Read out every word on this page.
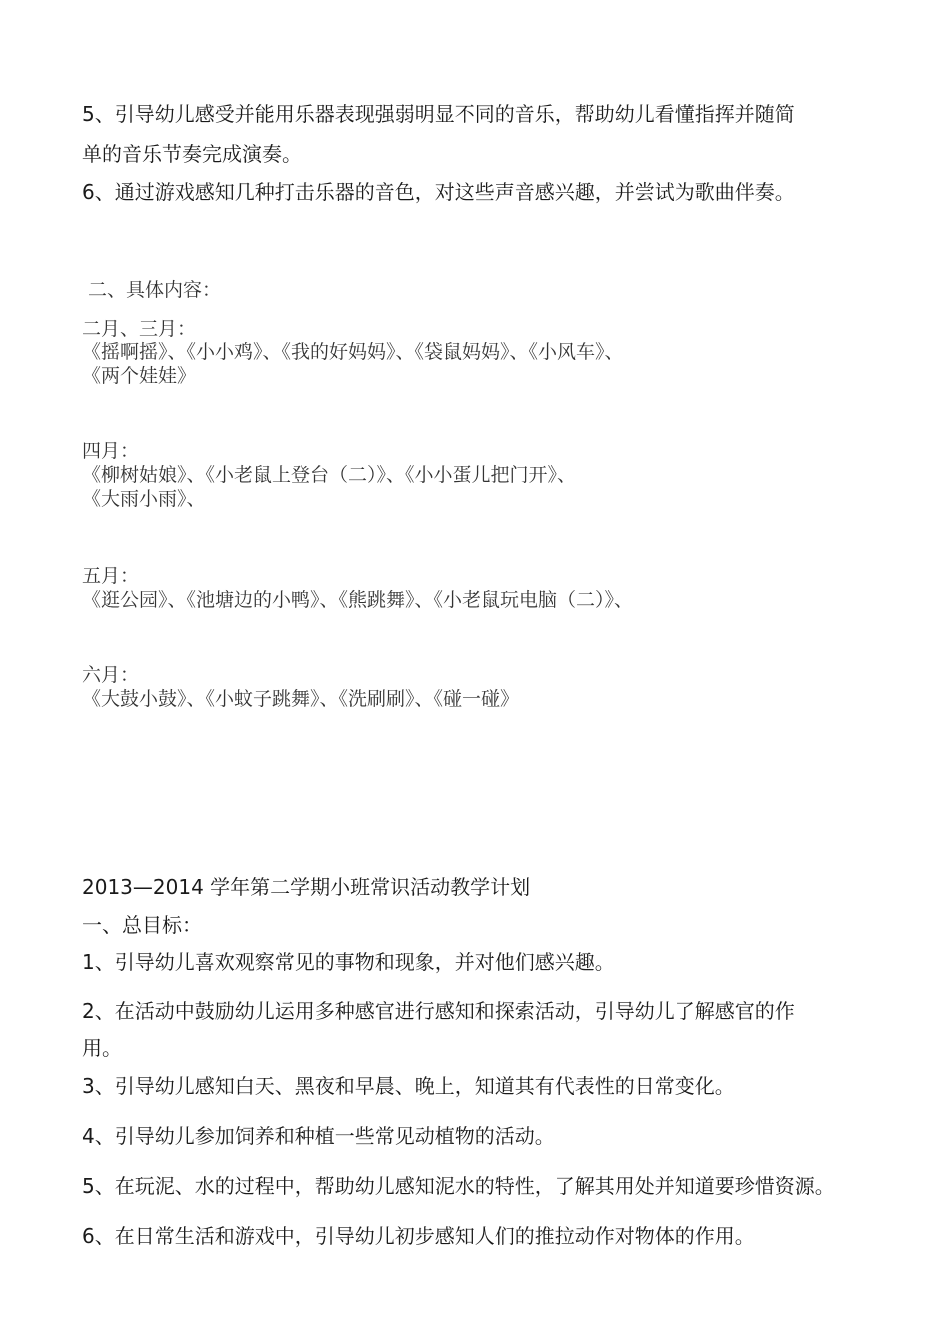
5、引导幼儿感受并能用乐器表现强弱明显不同的音乐，帮助幼儿看懂指挥并随简
单的音乐节奏完成演奏。
6、通过游戏感知几种打击乐器的音色，对这些声音感兴趣，并尝试为歌曲伴奏。
二、具体内容：
二月、三月：
《摇啊摇》、《小小鸡》、《我的好妈妈》、《袋鼠妈妈》、《小风车》、
《两个娃娃》
四月：
《柳树姑娘》、《小老鼠上登台（二）》、《小小蛋儿把门开》、
《大雨小雨》、
五月：
《逛公园》、《池塘边的小鸭》、《熊跳舞》、《小老鼠玩电脑（二）》、
六月：
《大鼓小鼓》、《小蚊子跳舞》、《洗刷刷》、《碰一碰》
2013—2014 学年第二学期小班常识活动教学计划
一、总目标：
1、引导幼儿喜欢观察常见的事物和现象，并对他们感兴趣。
2、在活动中鼓励幼儿运用多种感官进行感知和探索活动，引导幼儿了解感官的作
用。
3、引导幼儿感知白天、黑夜和早晨、晚上，知道其有代表性的日常变化。
4、引导幼儿参加饲养和种植一些常见动植物的活动。
5、在玩泥、水的过程中，帮助幼儿感知泥水的特性，了解其用处并知道要珍惜资源。
6、在日常生活和游戏中，引导幼儿初步感知人们的推拉动作对物体的作用。
